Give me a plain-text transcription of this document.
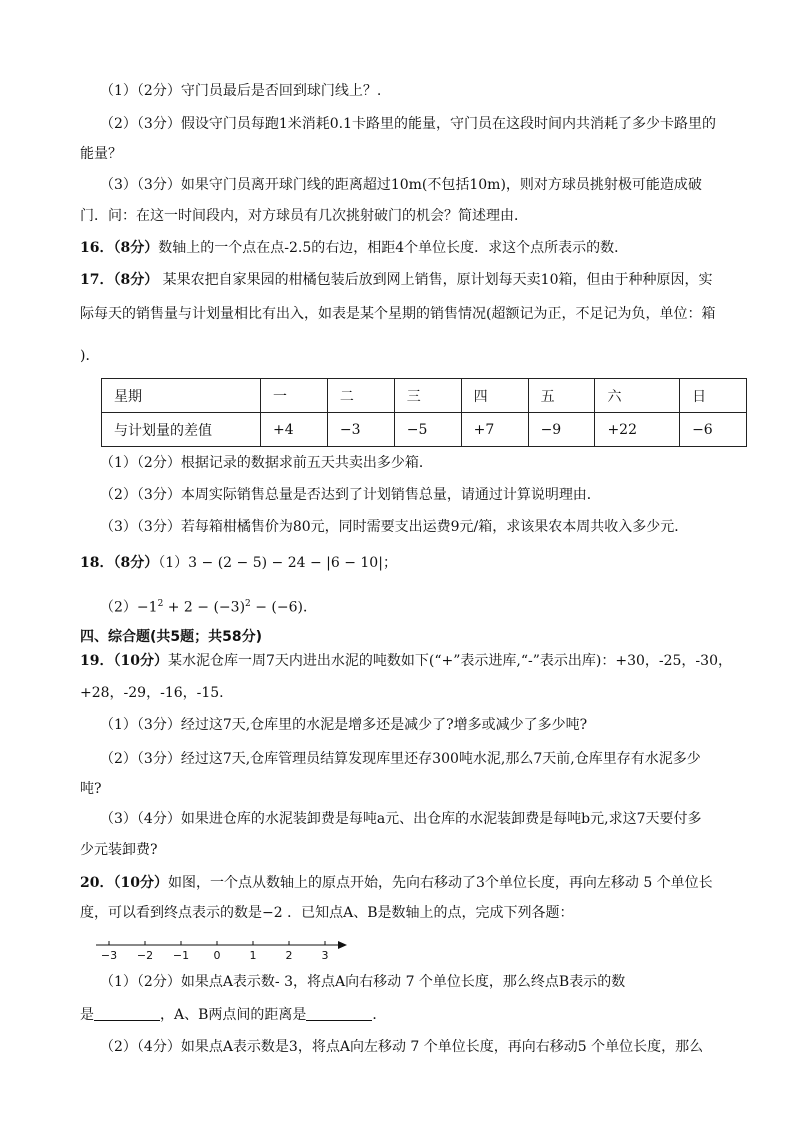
（1）（2分）守门员最后是否回到球门线上？.
（2）（3分）假设守门员每跑1米消耗0.1卡路里的能量，守门员在这段时间内共消耗了多少卡路里的
能量？
（3）（3分）如果守门员离开球门线的距离超过10m(不包括10m)，则对方球员挑射极可能造成破
门．问：在这一时间段内，对方球员有几次挑射破门的机会？简述理由．
16．（8分）数轴上的一个点在点-2.5的右边，相距4个单位长度．求这个点所表示的数．
17．（8分） 某果农把自家果园的柑橘包装后放到网上销售，原计划每天卖10箱，但由于种种原因，实
际每天的销售量与计划量相比有出入，如表是某个星期的销售情况(超额记为正，不足记为负，单位：箱
)．
星期	一	二	三	四	五	六	日
与计划量的差值	+4	−3	−5	+7	−9	+22	−6
（1）（2分）根据记录的数据求前五天共卖出多少箱．
（2）（3分）本周实际销售总量是否达到了计划销售总量，请通过计算说明理由．
（3）（3分）若每箱柑橘售价为80元，同时需要支出运费9元/箱，求该果农本周共收入多少元．
18．（8分）（1）3 − (2 − 5) − 24 − |6 − 10|；
$(2)-1^2 + 2 - (-3)^2 - (-6)$．
四、综合题(共5题；共58分)
19．（10分）某水泥仓库一周7天内进出水泥的吨数如下(“+”表示进库,“-”表示出库)：+30，-25，-30，
+28，-29，-16，-15.
（1）（3分）经过这7天,仓库里的水泥是增多还是减少了?增多或减少了多少吨?
（2）（3分）经过这7天,仓库管理员结算发现库里还存300吨水泥,那么7天前,仓库里存有水泥多少
吨?
（3）（4分）如果进仓库的水泥装卸费是每吨a元、出仓库的水泥装卸费是每吨b元,求这7天要付多
少元装卸费?
20．（10分）如图，一个点从数轴上的原点开始，先向右移动了3个单位长度，再向左移动 5 个单位长
度，可以看到终点表示的数是−2 ．已知点A、B是数轴上的点，完成下列各题：
−3 −2 −1 0	1	2	3
（1）（2分）如果点A表示数- 3，将点A向右移动 7 个单位长度，那么终点B表示的数
是	，A、B两点间的距离是	．
（2）（4分）如果点A表示数是3，将点A向左移动 7 个单位长度，再向右移动5 个单位长度，那么
